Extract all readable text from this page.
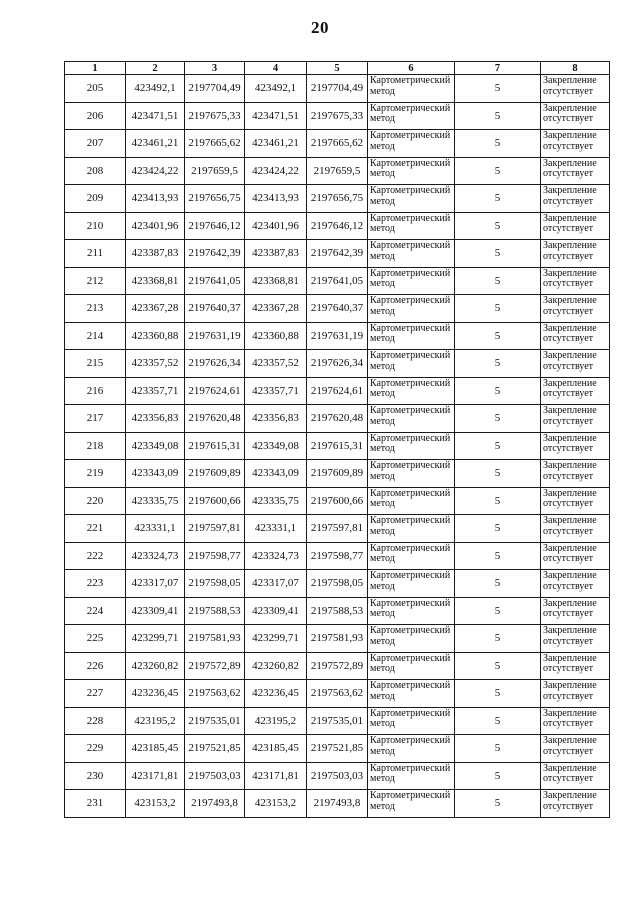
20
1	2	3	4	5	6	7	8
205	423492,1	2197704,49	423492,1	2197704,49	Картометрический метод	5	Закрепление отсутствует
206	423471,51	2197675,33	423471,51	2197675,33	Картометрический метод	5	Закрепление отсутствует
207	423461,21	2197665,62	423461,21	2197665,62	Картометрический метод	5	Закрепление отсутствует
208	423424,22	2197659,5	423424,22	2197659,5	Картометрический метод	5	Закрепление отсутствует
209	423413,93	2197656,75	423413,93	2197656,75	Картометрический метод	5	Закрепление отсутствует
210	423401,96	2197646,12	423401,96	2197646,12	Картометрический метод	5	Закрепление отсутствует
211	423387,83	2197642,39	423387,83	2197642,39	Картометрический метод	5	Закрепление отсутствует
212	423368,81	2197641,05	423368,81	2197641,05	Картометрический метод	5	Закрепление отсутствует
213	423367,28	2197640,37	423367,28	2197640,37	Картометрический метод	5	Закрепление отсутствует
214	423360,88	2197631,19	423360,88	2197631,19	Картометрический метод	5	Закрепление отсутствует
215	423357,52	2197626,34	423357,52	2197626,34	Картометрический метод	5	Закрепление отсутствует
216	423357,71	2197624,61	423357,71	2197624,61	Картометрический метод	5	Закрепление отсутствует
217	423356,83	2197620,48	423356,83	2197620,48	Картометрический метод	5	Закрепление отсутствует
218	423349,08	2197615,31	423349,08	2197615,31	Картометрический метод	5	Закрепление отсутствует
219	423343,09	2197609,89	423343,09	2197609,89	Картометрический метод	5	Закрепление отсутствует
220	423335,75	2197600,66	423335,75	2197600,66	Картометрический метод	5	Закрепление отсутствует
221	423331,1	2197597,81	423331,1	2197597,81	Картометрический метод	5	Закрепление отсутствует
222	423324,73	2197598,77	423324,73	2197598,77	Картометрический метод	5	Закрепление отсутствует
223	423317,07	2197598,05	423317,07	2197598,05	Картометрический метод	5	Закрепление отсутствует
224	423309,41	2197588,53	423309,41	2197588,53	Картометрический метод	5	Закрепление отсутствует
225	423299,71	2197581,93	423299,71	2197581,93	Картометрический метод	5	Закрепление отсутствует
226	423260,82	2197572,89	423260,82	2197572,89	Картометрический метод	5	Закрепление отсутствует
227	423236,45	2197563,62	423236,45	2197563,62	Картометрический метод	5	Закрепление отсутствует
228	423195,2	2197535,01	423195,2	2197535,01	Картометрический метод	5	Закрепление отсутствует
229	423185,45	2197521,85	423185,45	2197521,85	Картометрический метод	5	Закрепление отсутствует
230	423171,81	2197503,03	423171,81	2197503,03	Картометрический метод	5	Закрепление отсутствует
231	423153,2	2197493,8	423153,2	2197493,8	Картометрический метод	5	Закрепление отсутствует
